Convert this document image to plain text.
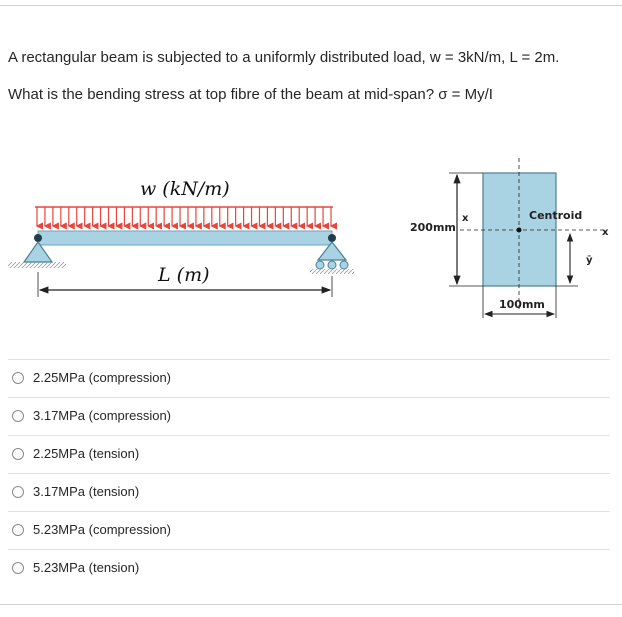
A rectangular beam is subjected to a uniformly distributed load, w = 3kN/m, L = 2m.
What is the bending stress at top fibre of the beam at mid-span? σ = My/I
w (kN/m)
L (m)
200mm
x
x
Centroid
ȳ
100mm
2.25MPa (compression)
3.17MPa (compression)
2.25MPa (tension)
3.17MPa (tension)
5.23MPa (compression)
5.23MPa (tension)
